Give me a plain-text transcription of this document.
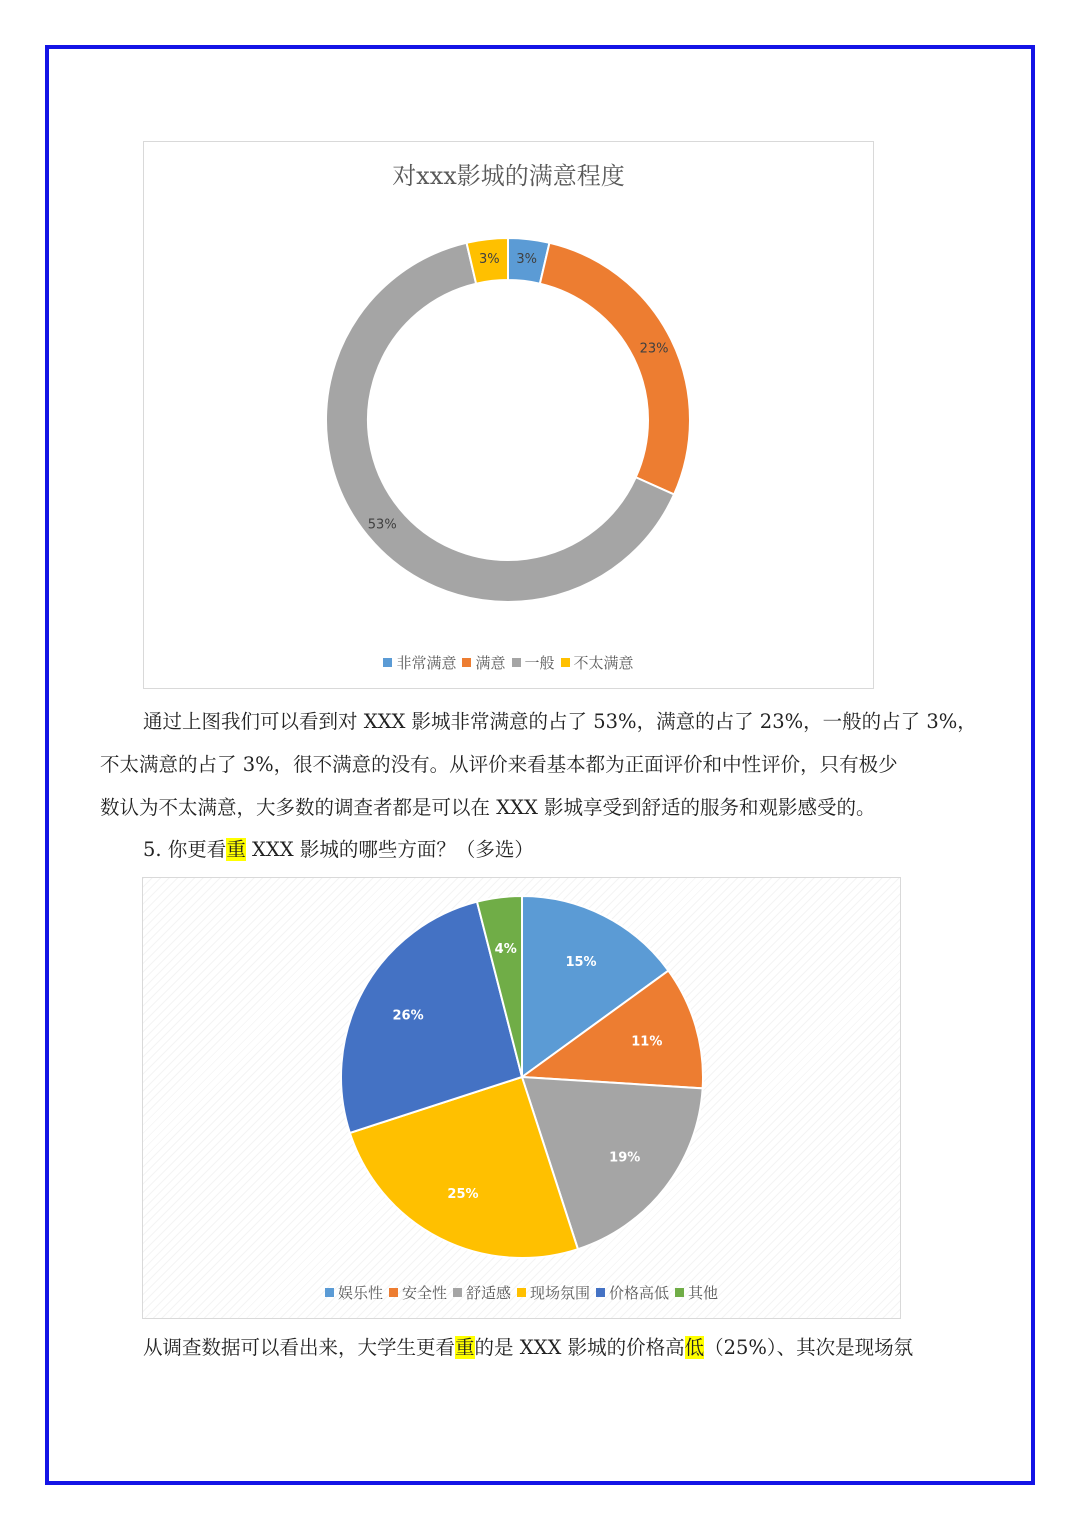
对xxx影城的满意程度
3%
23%
53%
3%
非常满意 满意 一般 不太满意
通过上图我们可以看到对 XXX 影城非常满意的占了 53%，满意的占了 23%，一般的占了 3%，
不太满意的占了 3%，很不满意的没有。从评价来看基本都为正面评价和中性评价，只有极少
数认为不太满意，大多数的调查者都是可以在 XXX 影城享受到舒适的服务和观影感受的。
5. 你更看重 XXX 影城的哪些方面？（多选）
15%
11%
19%
25%
26%
4%
娱乐性 安全性 舒适感 现场氛围 价格高低 其他
从调查数据可以看出来，大学生更看重的是 XXX 影城的价格高低（25%）、其次是现场氛
